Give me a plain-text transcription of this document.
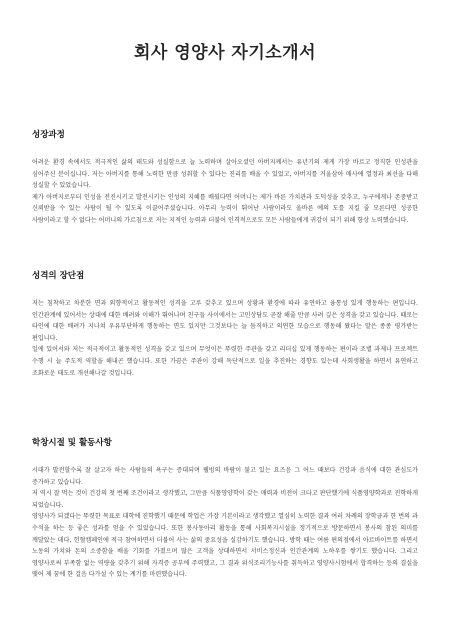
회사 영양사 자기소개서
성장과정

어려운 환경 속에서도 적극적인 삶의 태도와 성실함으로 늘 노력하며 살아오셨던 아버지께서는 유년기의 제게 가장 바르고 정직한 인성관을 심어주신 분이십니다. 저는 아버지를 통해 노력한 만큼 성취할 수 있다는 진리를 배울 수 있었고, 아버지를 거울삼아 매사에 열정과 최선을 다해 성실할 수 있었습니다.

제가 아버지로부터 인성을 전진시키고 발전시키는 인성의 지혜를 배웠다면 어머니는 제가 바른 가치관과 도덕성을 갖추고, 누구에게나 존중받고 신뢰받을 수 있는 사람이 될 수 있도록 이끌어주셨습니다. 아무리 능력이 뛰어난 사람이라도 올바른 예의 도를 지킬 줄 모른다면 성공한 사람이라고 할 수 없다는 어머니의 가르침으로 저는 지적인 능력과 더불어 인격적으로도 모든 사람들에게 귀감이 되기 위해 항상 노력했습니다.

성격의 장단점

저는 침착하고 차분한 면과 외향적이고 활동적인 성격을 고루 갖추고 있으며 상황과 환경에 따라 유연하고 융통성 있게 행동하는 편입니다. 인간관계에 있어서는 상대에 대한 배려와 이해가 뛰어나며 친구들 사이에서는 고민상담도 곧잘 해줄 만큼 사려 깊은 성격을 갖고 있습니다. 때로는 타인에 대한 배려가 지나쳐 우유부단하게 행동하는 면도 있지만 그것보다는 늘 듬직하고 의연한 모습으로 행동해 왔다는 말은 종종 평가받는 편입니다.

일에 있어서와 저는 적극적이고 활동적인 성격을 갖고 있으며 무엇이든 뚜렷한 주관을 갖고 리더십 있게 행동하는 편이라 조별 과제나 프로젝트 수행 시 늘 주도적 역할을 해내곤 했습니다. 또한 가끔은 주관이 강해 독단적으로 일을 추진하는 경향도 있는데 사회생활을 하면서 유연하고 조화로운 태도로 개선해나갈 것입니다.

학창시절 및 활동사항

시대가 발전할수록 잘 살고자 하는 사람들의 욕구는 증대되며 웰빙의 바람이 불고 있는 요즈음 그 어느 때보다 건강과 음식에 대한 관심도가 증가하고 있습니다.

저 역시 잘 먹는 것이 건강의 첫 번째 조건이라고 생각했고, 그만큼 식품영양학이 갖는 매력과 비전이 크다고 판단했기에 식품영양학과로 진학하게 되었습니다.

영양사가 되겠다는 뚜렷한 목표로 대학에 진학했기 때문에 학업은 가장 기본이라고 생각했고 열심히 노력한 결과 여러 차례의 장학금과 한 번의 과 수석을 하는 등 좋은 성과를 얻을 수 있었습니다. 또한 봉사동아리 활동을 통해 사회복지시설을 정기적으로 방문하면서 봉사의 참된 의미를 깨달았는 데다, 헌혈캠페인에 적극 참여하면서 더불어 사는 삶의 중요성을 실감하기도 했습니다. 방학 때는 여름 편의점에서 아르바이트를 하면서 노동의 가치와 돈의 소중함을 배울 기회를 가졌으며 많은 고객을 상대하면서 서비스정신과 인간관계의 노하우를 쌓기도 했습니다. 그리고 영양사로써 부족함 없는 역량을 갖추기 위해 자격증 공부에 주력했고, 그 결과 위식조리기능사를 취득하고 영양사시험에서 합격하는 등의 결실을 맺어 제 꿈에 한 걸음 다가설 수 있는 계기를 마련했습니다.
